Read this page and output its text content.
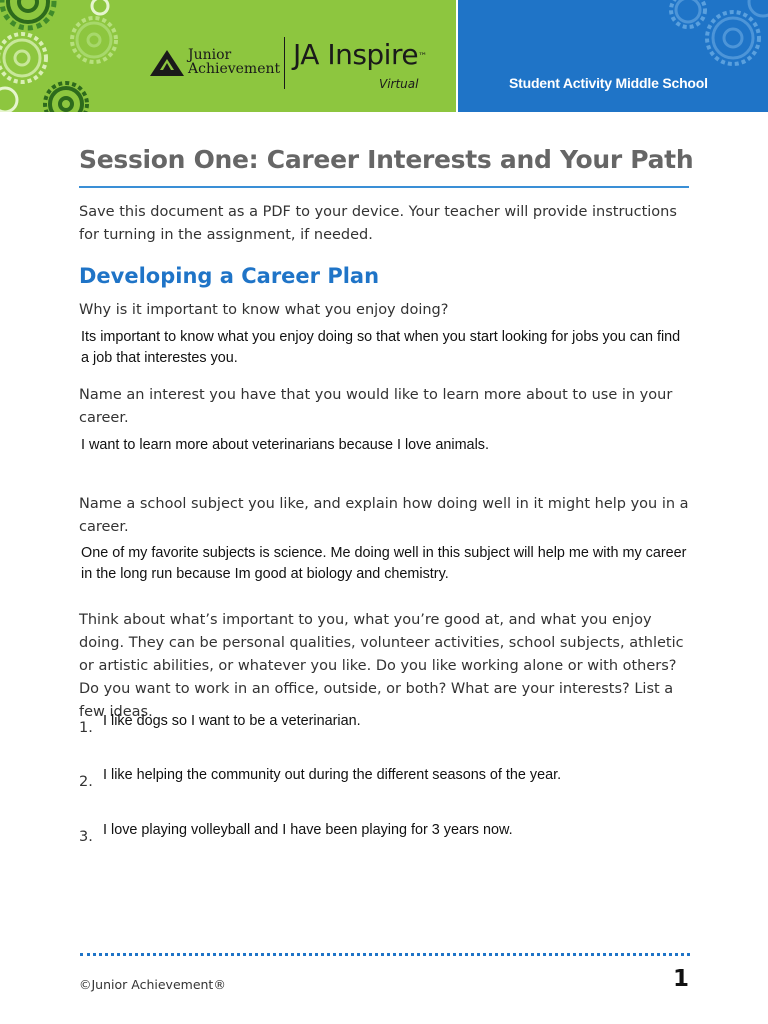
Junior
Achievement JA Inspire™
Virtual	Student Activity Middle School
Session One: Career Interests and Your Path
Save this document as a PDF to your device. Your teacher will provide instructions for turning in the assignment, if needed.
Developing a Career Plan
Why is it important to know what you enjoy doing?
Its important to know what you enjoy doing so that when you start looking for jobs you can find a job that interestes you.
Name an interest you have that you would like to learn more about to use in your career.
I want to learn more about veterinarians because I love animals.
Name a school subject you like, and explain how doing well in it might help you in a career.
One of my favorite subjects is science. Me doing well in this subject will help me with my career in the long run because Im good at biology and chemistry.
Think about what’s important to you, what you’re good at, and what you enjoy doing. They can be personal qualities, volunteer activities, school subjects, athletic or artistic abilities, or whatever you like. Do you like working alone or with others? Do you want to work in an office, outside, or both? What are your interests? List a few ideas.
1. I like dogs so I want to be a veterinarian.
2. I like helping the community out during the different seasons of the year.
3. I love playing volleyball and I have been playing for 3 years now.
©Junior Achievement®	1
